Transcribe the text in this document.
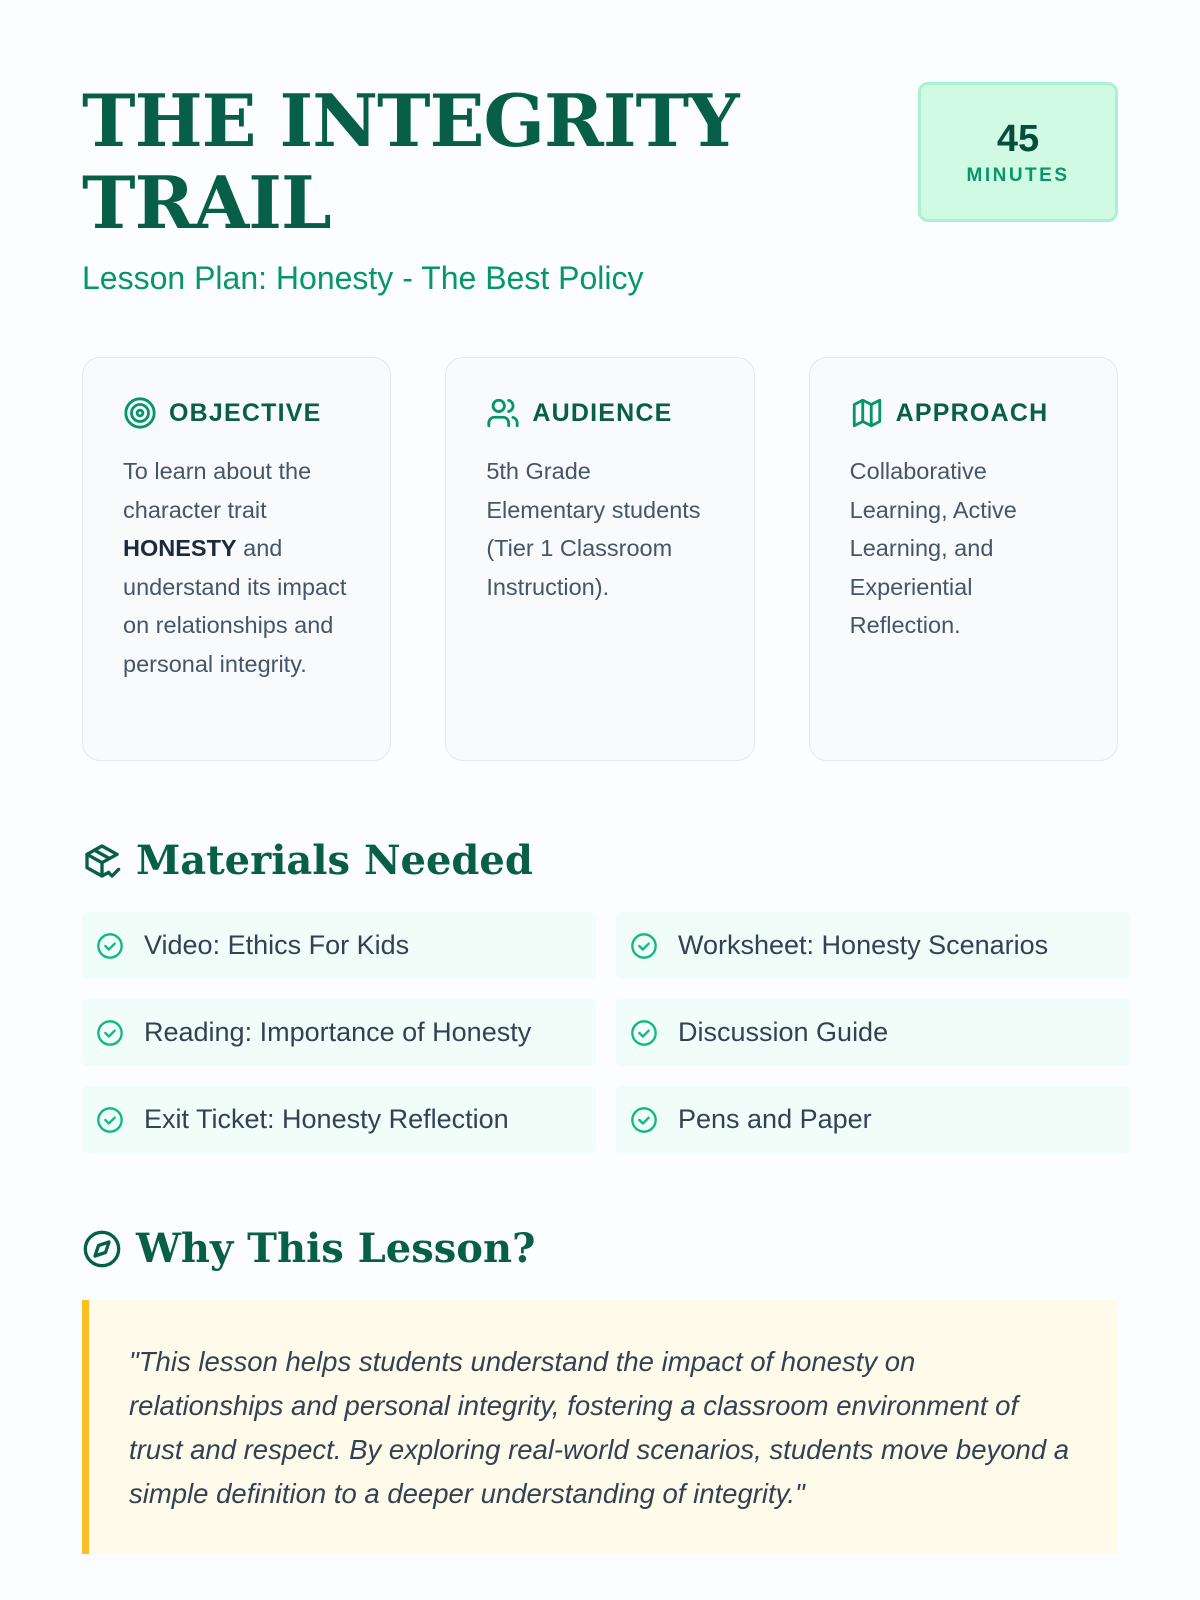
THE INTEGRITY TRAIL
Lesson Plan: Honesty - The Best Policy
45
MINUTES
OBJECTIVE
To learn about the character trait HONESTY and understand its impact on relationships and personal integrity.
AUDIENCE
5th Grade Elementary students (Tier 1 Classroom Instruction).
APPROACH
Collaborative Learning, Active Learning, and Experiential Reflection.
Materials Needed
Video: Ethics For Kids	Worksheet: Honesty Scenarios
Reading: Importance of Honesty	Discussion Guide
Exit Ticket: Honesty Reflection	Pens and Paper
Why This Lesson?

"This lesson helps students understand the impact of honesty on relationships and personal integrity, fostering a classroom environment of trust and respect. By exploring real-world scenarios, students move beyond a simple definition to a deeper understanding of integrity."
